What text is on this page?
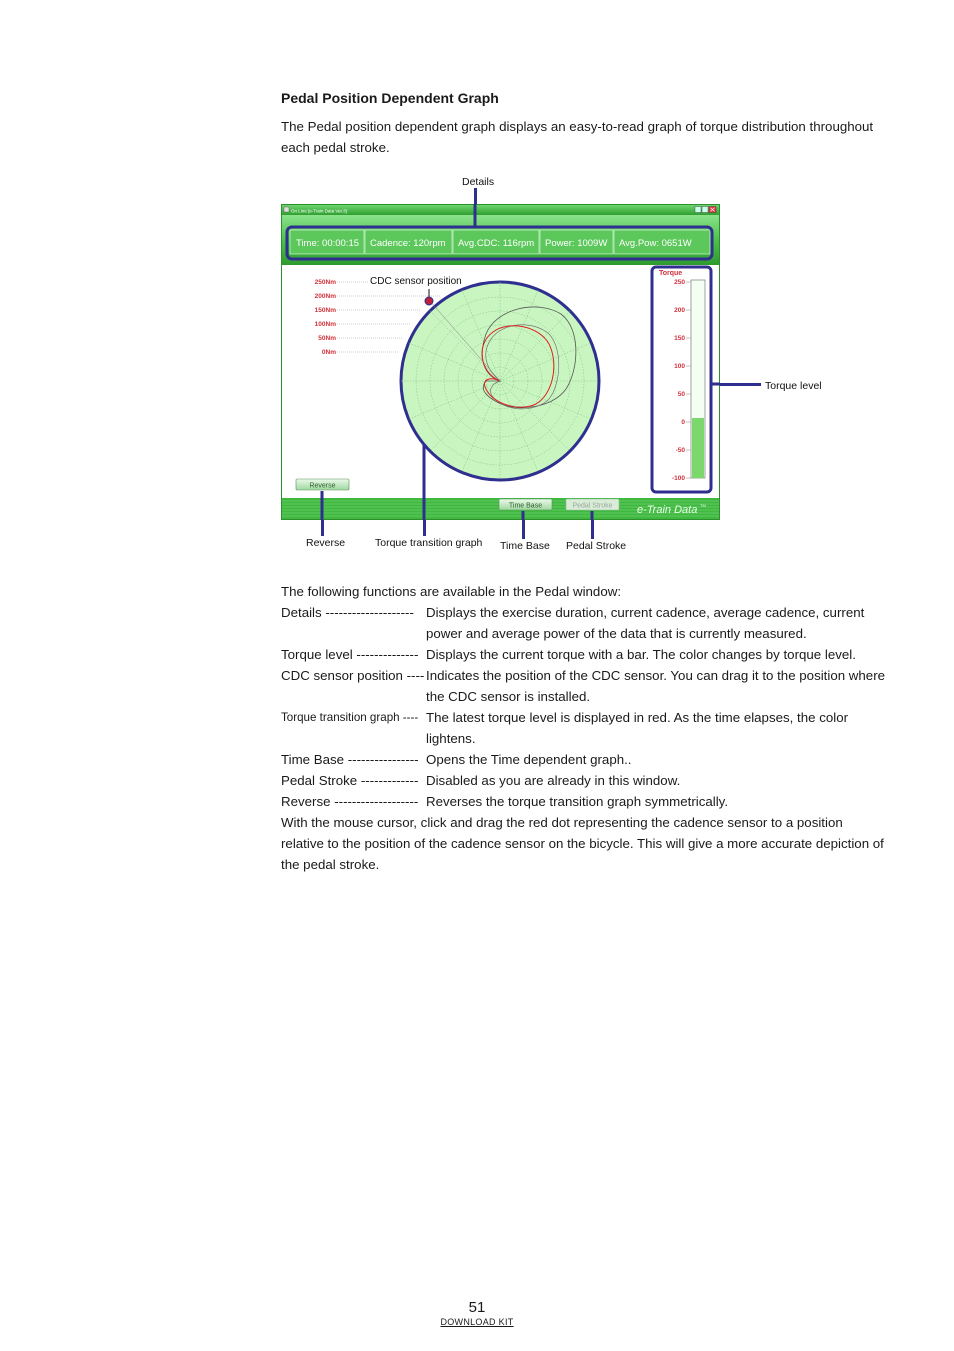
Pedal Position Dependent Graph
The Pedal position dependent graph displays an easy-to-read graph of torque distribution throughout each pedal stroke.
Details
Torque level
Reverse	Torque transition graph Time Base Pedal Stroke
On Line [e-Train Data Ver.3]
Time: 00:00:15 Cadence: 120rpm Avg.CDC: 116rpm Power: 1009W Avg.Pow: 0651W
250Nm
200Nm
150Nm
100Nm
50Nm
0Nm
CDC sensor position
Torque
250
200
150
100
50
0
-50
-100
Reverse
Time Base	Pedal Stroke e-Train Data TM
The following functions are available in the Pedal window:
Details -------------------- Displays the exercise duration, current cadence, average cadence, current power and average power of the data that is currently measured.
Torque level -------------- Displays the current torque with a bar. The color changes by torque level.
CDC sensor position ---- Indicates the position of the CDC sensor. You can drag it to the position where the CDC sensor is installed.
Torque transition graph ---- The latest torque level is displayed in red. As the time elapses, the color lightens.
Time Base ---------------- Opens the Time dependent graph..
Pedal Stroke ------------- Disabled as you are already in this window.
Reverse ------------------- Reverses the torque transition graph symmetrically.
With the mouse cursor, click and drag the red dot representing the cadence sensor to a position relative to the position of the cadence sensor on the bicycle. This will give a more accurate depiction of the pedal stroke.
51
DOWNLOAD KIT
